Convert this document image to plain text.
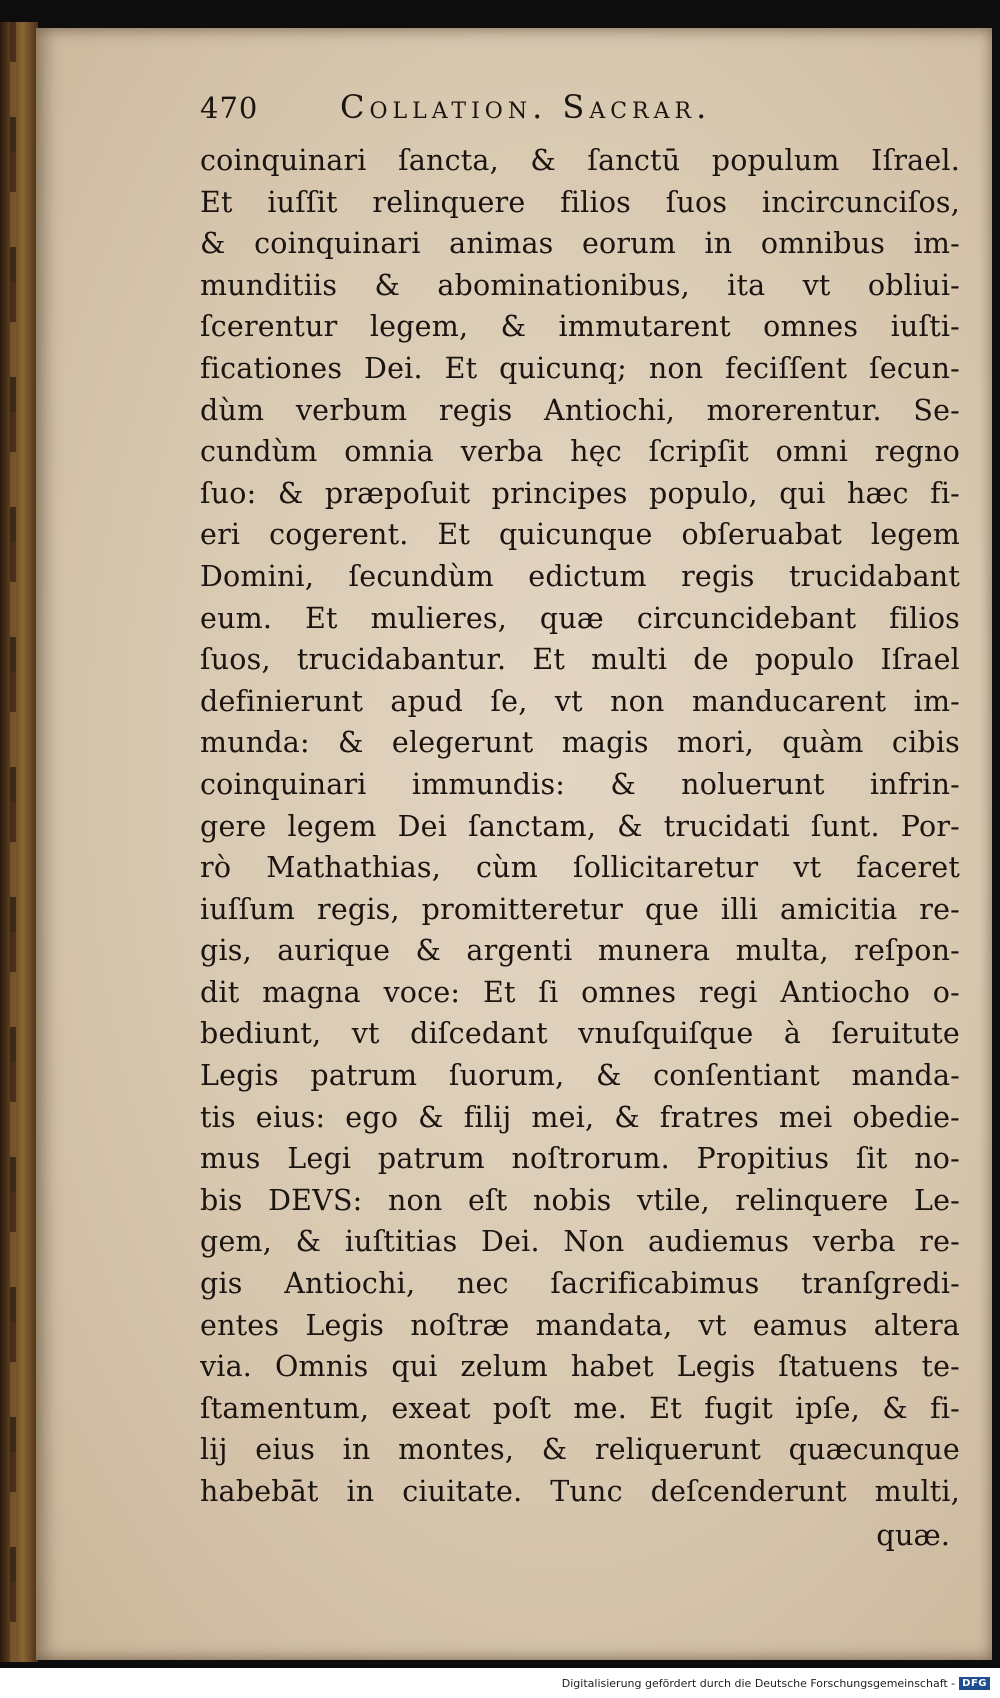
470	Collation. Sacrar.
coinquinari ſancta, & ſanctū populum Iſrael.
Et iuſſit relinquere filios ſuos incircunciſos,
& coinquinari animas eorum in omnibus im-
munditiis & abominationibus, ita vt obliui-
ſcerentur legem, & immutarent omnes iuſti-
ficationes Dei. Et quicunq; non feciſſent ſecun-
dùm verbum regis Antiochi, morerentur. Se-
cundùm omnia verba hęc ſcripſit omni regno
ſuo: & præpoſuit principes populo, qui hæc fi-
eri cogerent. Et quicunque obſeruabat legem
Domini, ſecundùm edictum regis trucidabant
eum. Et mulieres, quæ circuncidebant filios
ſuos, trucidabantur. Et multi de populo Iſrael
definierunt apud ſe, vt non manducarent im-
munda: & elegerunt magis mori, quàm cibis
coinquinari immundis: & noluerunt infrin-
gere legem Dei ſanctam, & trucidati ſunt. Por-
rò Mathathias, cùm ſollicitaretur vt faceret
iuſſum regis, promitteretur que illi amicitia re-
gis, aurique & argenti munera multa, reſpon-
dit magna voce: Et ſi omnes regi Antiocho o-
bediunt, vt diſcedant vnuſquiſque à ſeruitute
Legis patrum ſuorum, & conſentiant manda-
tis eius: ego & filij mei, & fratres mei obedie-
mus Legi patrum noſtrorum. Propitius ſit no-
bis DEVS: non eſt nobis vtile, relinquere Le-
gem, & iuſtitias Dei. Non audiemus verba re-
gis Antiochi, nec ſacrificabimus tranſgredi-
entes Legis noſtræ mandata, vt eamus altera
via. Omnis qui zelum habet Legis ſtatuens te-
ſtamentum, exeat poſt me. Et fugit ipſe, & fi-
lij eius in montes, & reliquerunt quæcunque
habebāt in ciuitate. Tunc deſcenderunt multi,
quæ.
Digitalisierung gefördert durch die Deutsche Forschungsgemeinschaft - DFG
